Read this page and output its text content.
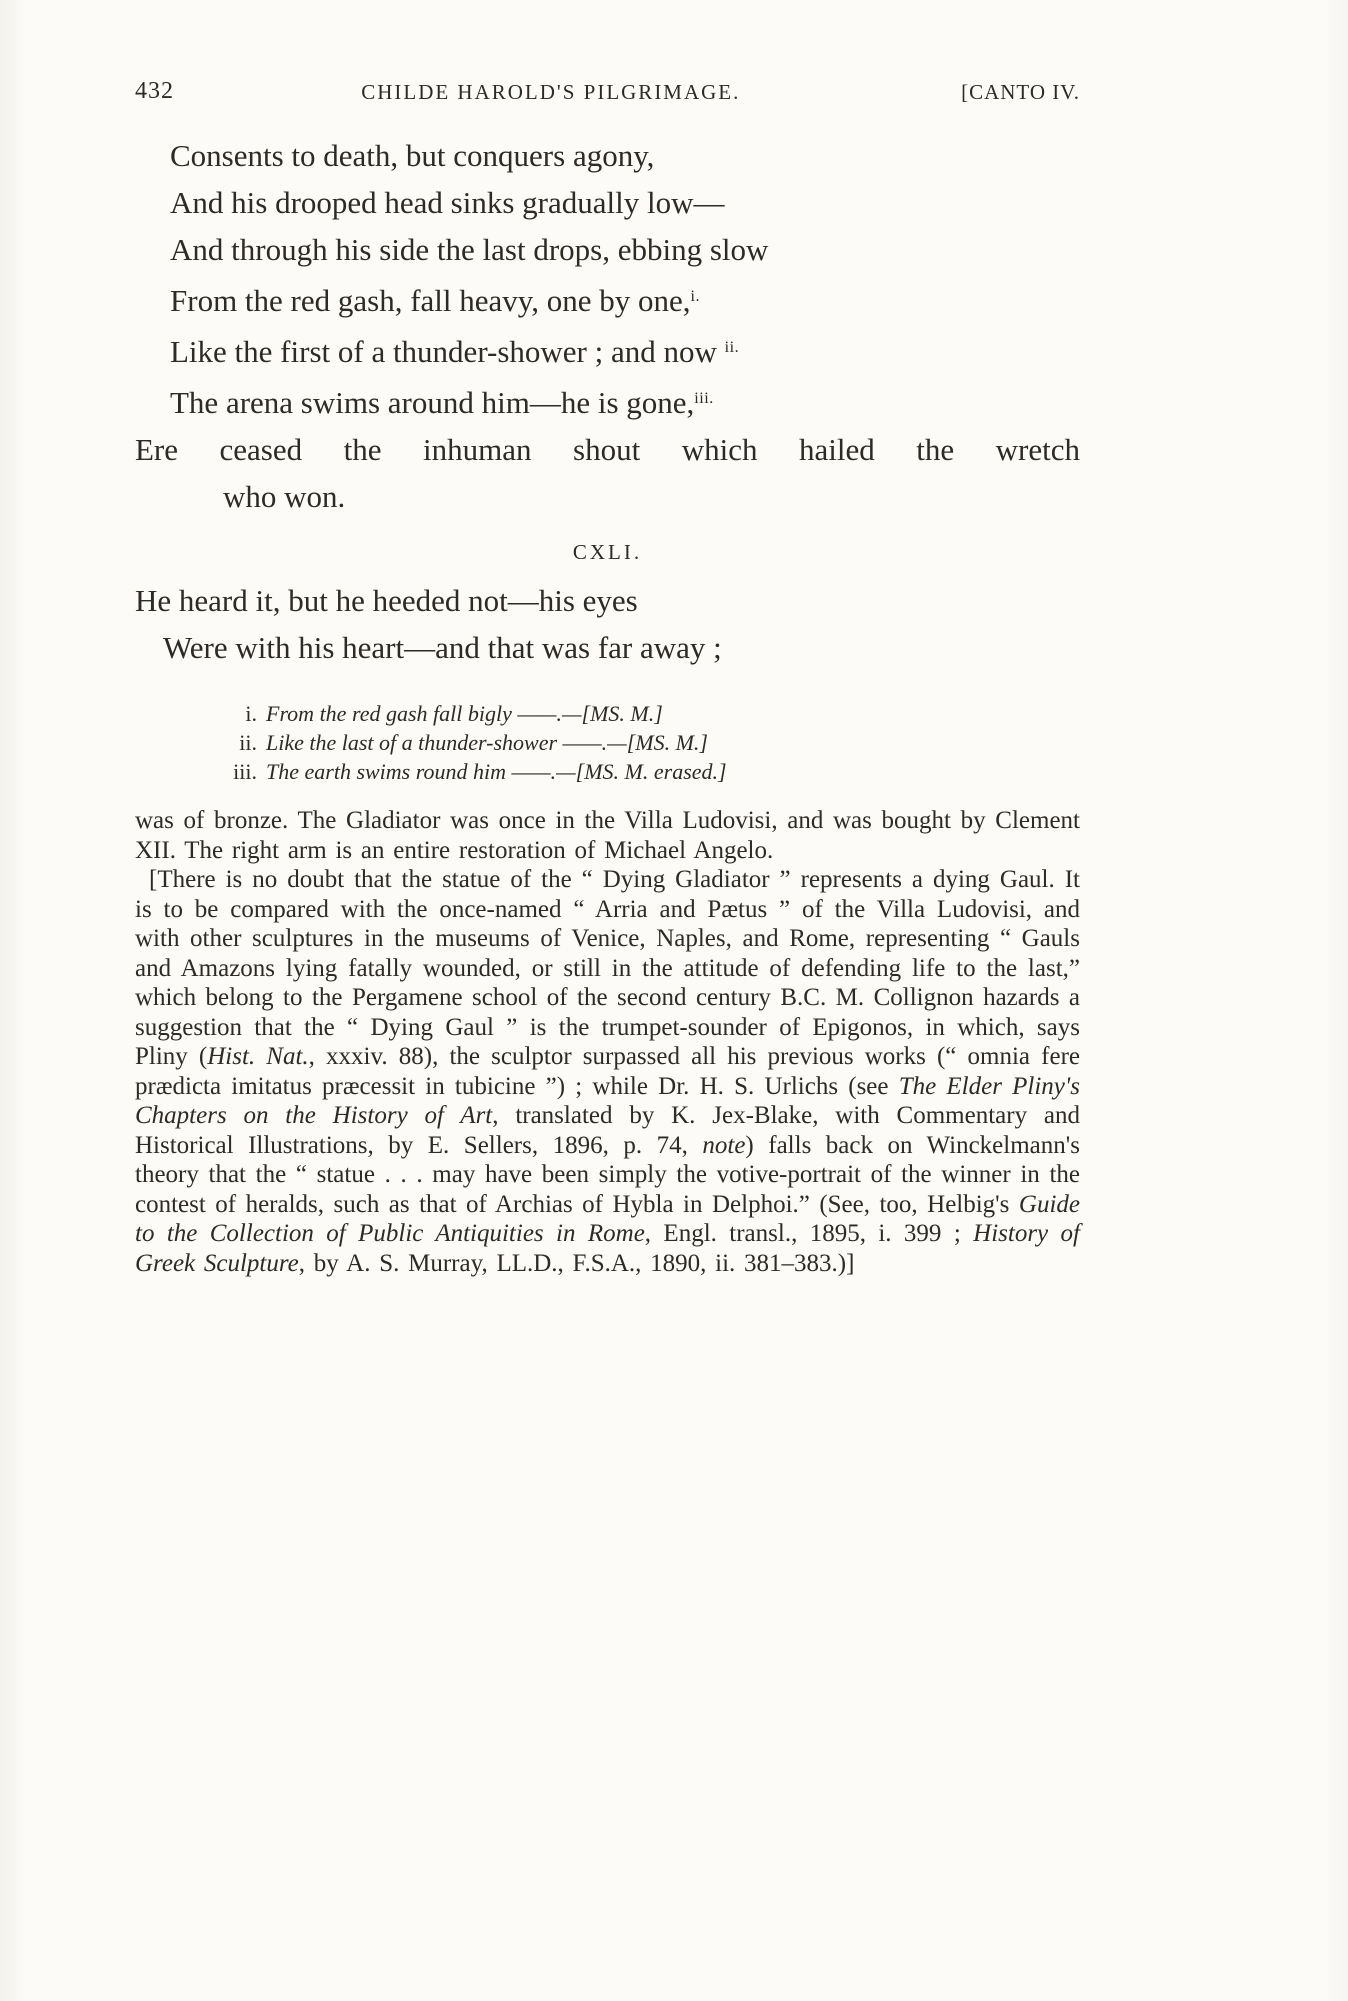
432	CHILDE HAROLD'S PILGRIMAGE.	[CANTO IV.
Consents to death, but conquers agony,
And his drooped head sinks gradually low—
And through his side the last drops, ebbing slow
From the red gash, fall heavy, one by one,$^{i.}$
Like the first of a thunder-shower ; and now $^{ii.}$
The arena swims around him—he is gone,$^{iii.}$
Ere ceased the inhuman shout which hailed the wretch
who won.
CXLI.
He heard it, but he heeded not—his eyes
Were with his heart—and that was far away ;
i. From the red gash fall bigly ——.—[MS. M.]
ii. Like the last of a thunder-shower ——.—[MS. M.]
iii. The earth swims round him ——.—[MS. M. erased.]

was of bronze. The Gladiator was once in the Villa Ludovisi, and was bought by Clement XII. The right arm is an entire restoration of Michael Angelo.

[There is no doubt that the statue of the “ Dying Gladiator ” represents a dying Gaul. It is to be compared with the once-named “ Arria and Pætus ” of the Villa Ludovisi, and with other sculptures in the museums of Venice, Naples, and Rome, representing “ Gauls and Amazons lying fatally wounded, or still in the attitude of defending life to the last,” which belong to the Pergamene school of the second century B.C. M. Collignon hazards a suggestion that the “ Dying Gaul ” is the trumpet-sounder of Epigonos, in which, says Pliny (Hist. Nat., xxxiv. 88), the sculptor surpassed all his previous works (“ omnia fere prædicta imitatus præcessit in tubicine ”) ; while Dr. H. S. Urlichs (see The Elder Pliny's Chapters on the History of Art, translated by K. Jex-Blake, with Commentary and Historical Illustrations, by E. Sellers, 1896, p. 74, note) falls back on Winckelmann's theory that the “ statue . . . may have been simply the votive-portrait of the winner in the contest of heralds, such as that of Archias of Hybla in Delphoi.” (See, too, Helbig's Guide to the Collection of Public Antiquities in Rome, Engl. transl., 1895, i. 399 ; History of Greek Sculpture, by A. S. Murray, LL.D., F.S.A., 1890, ii. 381–383.)]
